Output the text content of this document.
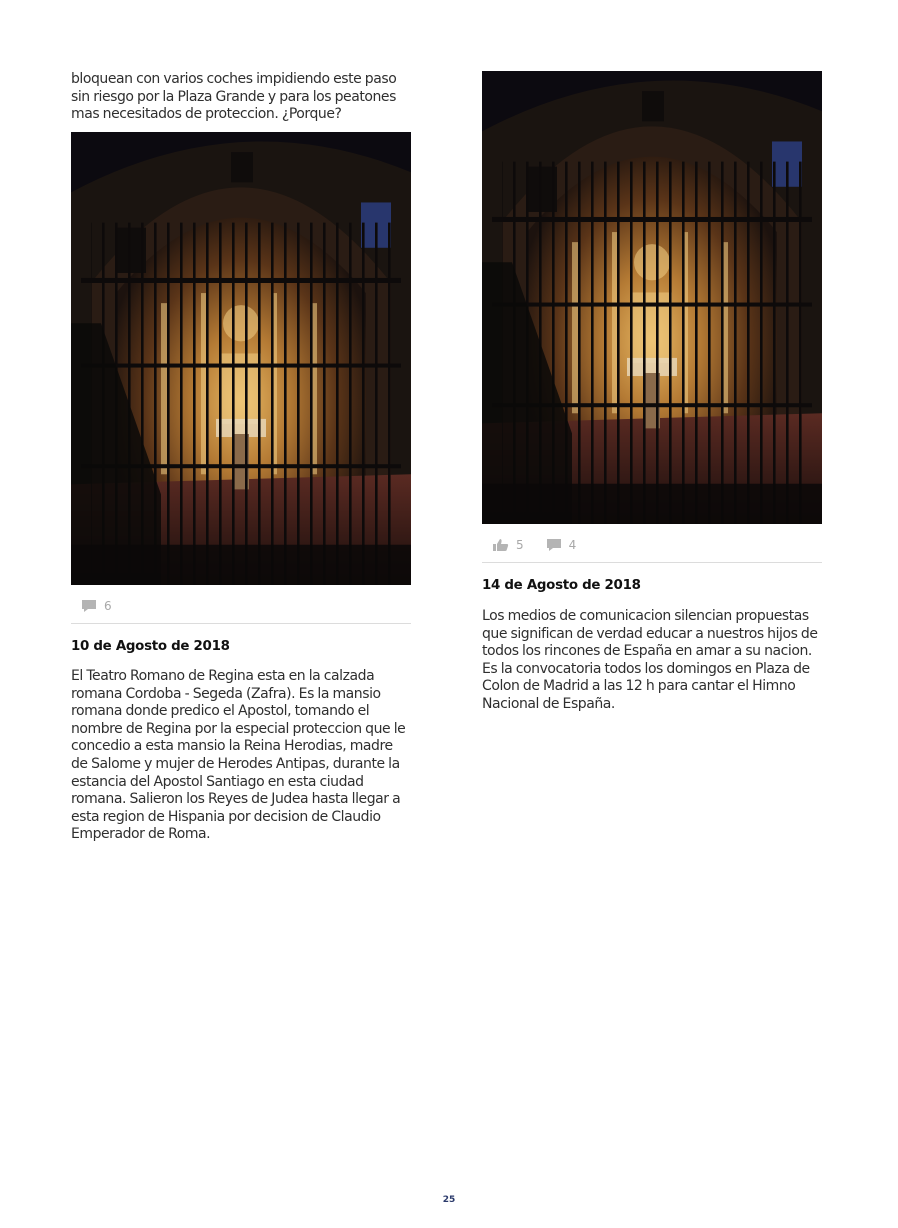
bloquean con varios coches impidiendo este paso sin riesgo por la Plaza Grande y para los peatones mas necesitados de proteccion. ¿Porque?

6

10 de Agosto de 2018

El Teatro Romano de Regina esta en la calzada romana Cordoba - Segeda (Zafra). Es la mansio romana donde predico el Apostol, tomando el nombre de Regina por la especial proteccion que le concedio a esta mansio la Reina Herodias, madre de Salome y mujer de Herodes Antipas, durante la estancia del Apostol Santiago en esta ciudad romana. Salieron los Reyes de Judea hasta llegar a esta region de Hispania por decision de Claudio Emperador de Roma.

5	4

14 de Agosto de 2018

Los medios de comunicacion silencian propuestas que significan de verdad educar a nuestros hijos de todos los rincones de España en amar a su nacion. Es la convocatoria todos los domingos en Plaza de Colon de Madrid a las 12 h para cantar el Himno Nacional de España.

25
